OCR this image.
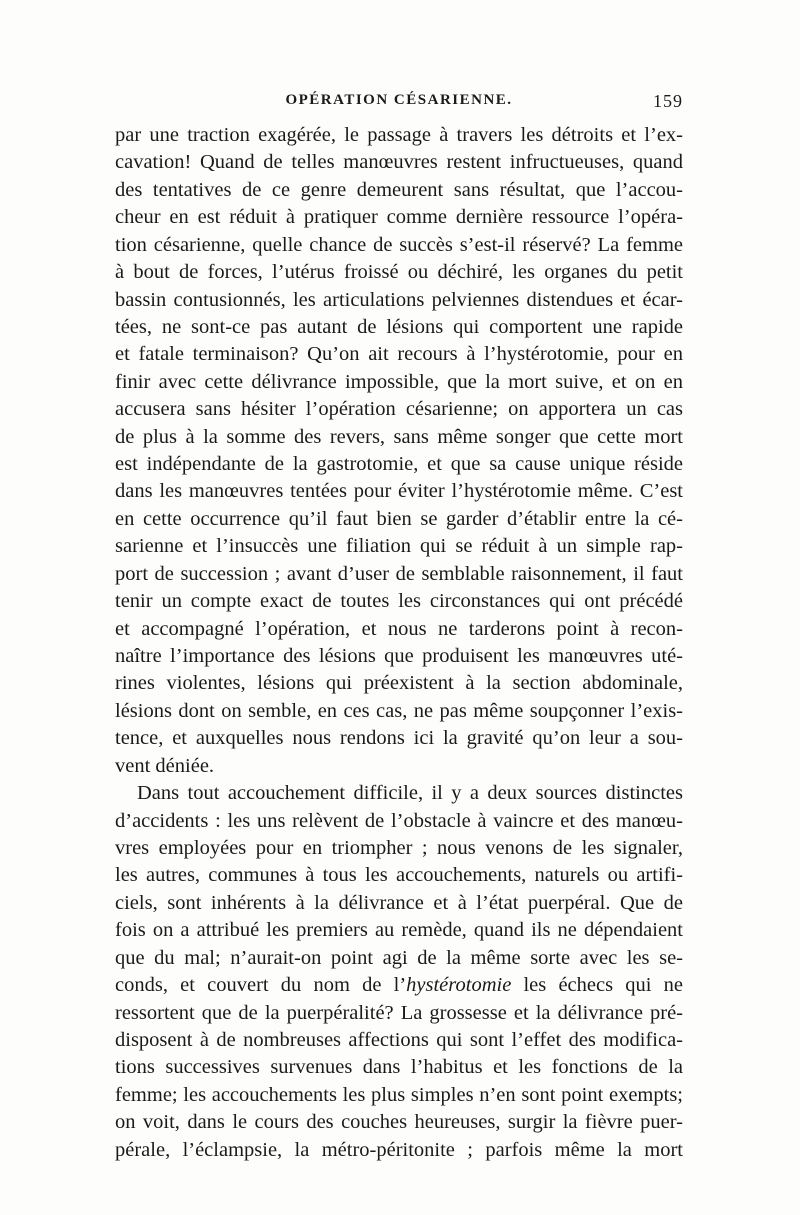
OPÉRATION CÉSARIENNE.	159
par une traction exagérée, le passage à travers les détroits et l’ex-
cavation! Quand de telles manœuvres restent infructueuses, quand
des tentatives de ce genre demeurent sans résultat, que l’accou-
cheur en est réduit à pratiquer comme dernière ressource l’opéra-
tion césarienne, quelle chance de succès s’est-il réservé? La femme
à bout de forces, l’utérus froissé ou déchiré, les organes du petit
bassin contusionnés, les articulations pelviennes distendues et écar-
tées, ne sont-ce pas autant de lésions qui comportent une rapide
et fatale terminaison? Qu’on ait recours à l’hystérotomie, pour en
finir avec cette délivrance impossible, que la mort suive, et on en
accusera sans hésiter l’opération césarienne; on apportera un cas
de plus à la somme des revers, sans même songer que cette mort
est indépendante de la gastrotomie, et que sa cause unique réside
dans les manœuvres tentées pour éviter l’hystérotomie même. C’est
en cette occurrence qu’il faut bien se garder d’établir entre la cé-
sarienne et l’insuccès une filiation qui se réduit à un simple rap-
port de succession ; avant d’user de semblable raisonnement, il faut
tenir un compte exact de toutes les circonstances qui ont précédé
et accompagné l’opération, et nous ne tarderons point à recon-
naître l’importance des lésions que produisent les manœuvres uté-
rines violentes, lésions qui préexistent à la section abdominale,
lésions dont on semble, en ces cas, ne pas même soupçonner l’exis-
tence, et auxquelles nous rendons ici la gravité qu’on leur a sou-
vent déniée.
Dans tout accouchement difficile, il y a deux sources distinctes
d’accidents : les uns relèvent de l’obstacle à vaincre et des manœu-
vres employées pour en triompher ; nous venons de les signaler,
les autres, communes à tous les accouchements, naturels ou artifi-
ciels, sont inhérents à la délivrance et à l’état puerpéral. Que de
fois on a attribué les premiers au remède, quand ils ne dépendaient
que du mal; n’aurait-on point agi de la même sorte avec les se-
conds, et couvert du nom de l’hystérotomie les échecs qui ne
ressortent que de la puerpéralité? La grossesse et la délivrance pré-
disposent à de nombreuses affections qui sont l’effet des modifica-
tions successives survenues dans l’habitus et les fonctions de la
femme; les accouchements les plus simples n’en sont point exempts;
on voit, dans le cours des couches heureuses, surgir la fièvre puer-
pérale, l’éclampsie, la métro-péritonite ; parfois même la mort
